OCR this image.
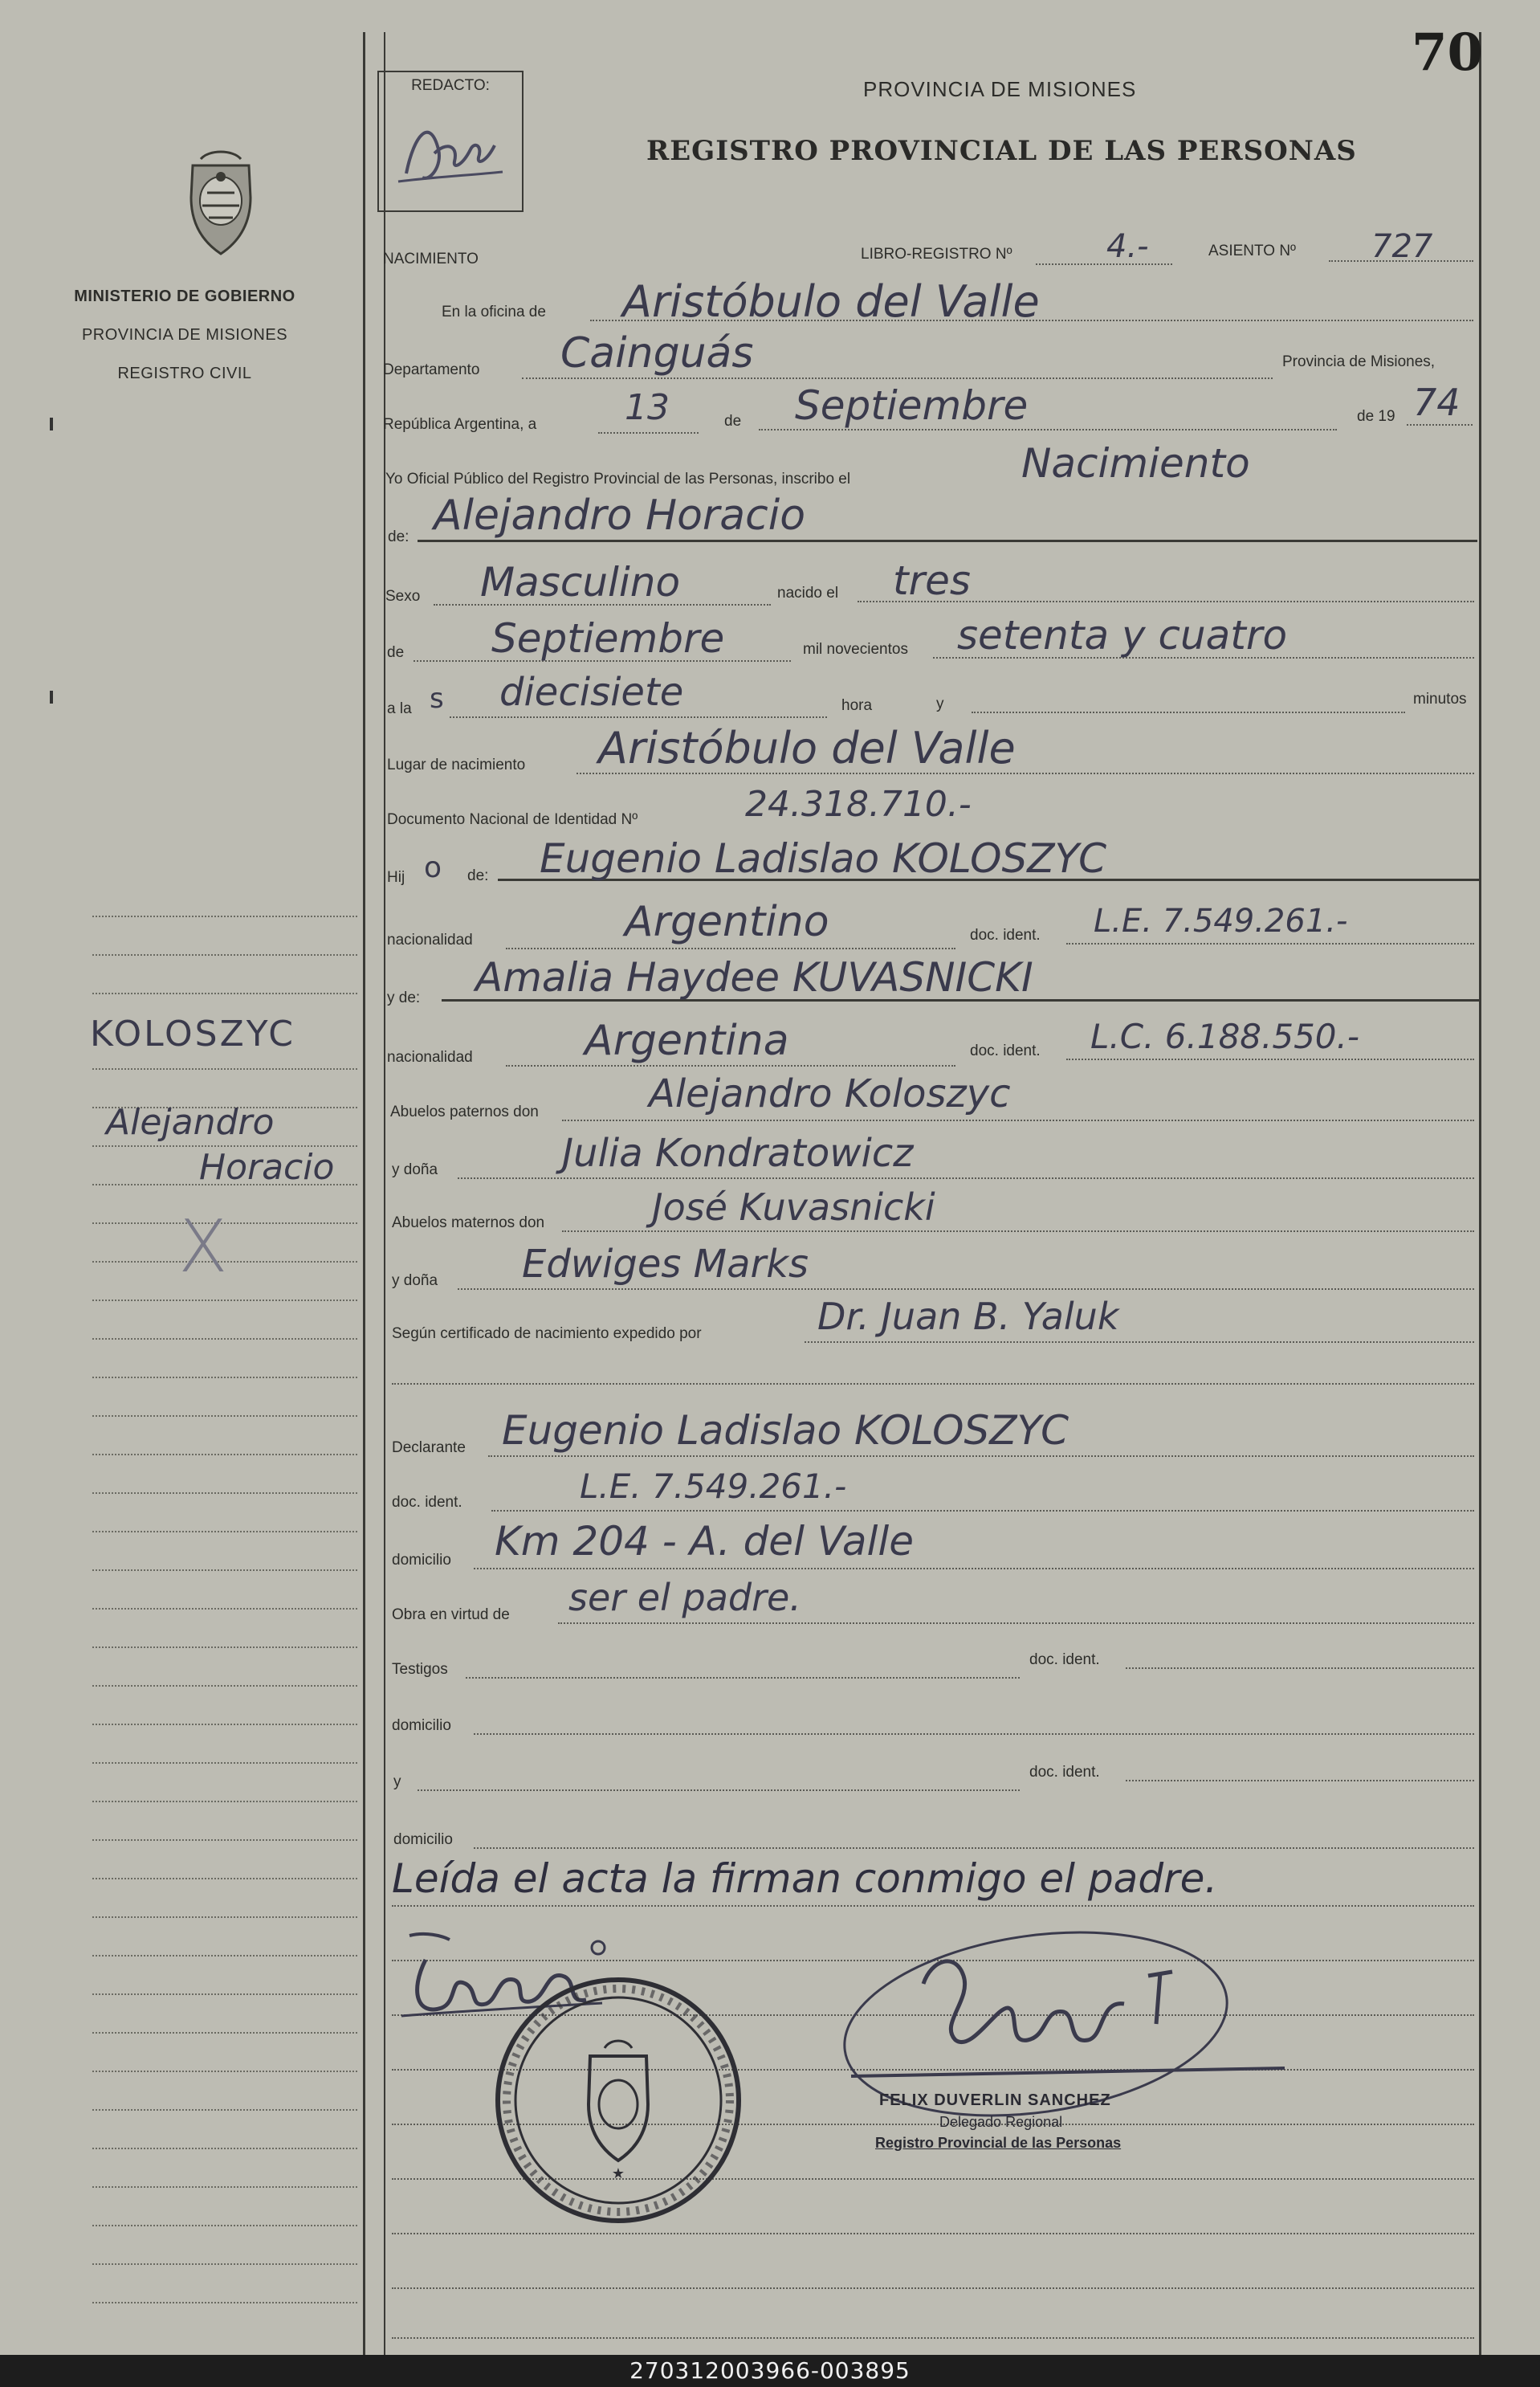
70
REDACTO:	PROVINCIA DE MISIONES
REGISTRO PROVINCIAL DE LAS PERSONAS
MINISTERIO DE GOBIERNO
PROVINCIA DE MISIONES
REGISTRO CIVIL
KOLOSZYC
Alejandro
Horacio
X
NACIMIENTO	LIBRO-REGISTRO Nº	4.-	ASIENTO Nº 727
En la oficina de Aristóbulo del Valle
Departamento Cainguás	Provincia de Misiones,
República Argentina, a 13	de Septiembre	de 19 74
Yo Oficial Público del Registro Provincial de las Personas, inscribo el	Nacimiento
de: Alejandro Horacio
Sexo Masculino	nacido el tres
de Septiembre	mil novecientos setenta y cuatro
a la s diecisiete	hora	y	minutos
Lugar de nacimiento Aristóbulo del Valle
Documento Nacional de Identidad Nº	24.318.710.-
Hij o de: Eugenio Ladislao KOLOSZYC
nacionalidad	Argentino	doc. ident. L.E. 7.549.261.-
y de: Amalia Haydee KUVASNICKI
nacionalidad	Argentina	doc. ident. L.C. 6.188.550.-
Abuelos paternos don	Alejandro Koloszyc
y doña	Julia Kondratowicz
Abuelos maternos don	José Kuvasnicki
y doña Edwiges Marks
Según certificado de nacimiento expedido por	Dr. Juan B. Yaluk
Declarante Eugenio Ladislao KOLOSZYC
doc. ident.	L.E. 7.549.261.-
domicilio Km 204 - A. del Valle
Obra en virtud de ser el padre.
Testigos
doc. ident.
domicilio
y
doc. ident.
domicilio
Leída el acta la firman conmigo el padre.
★
FELIX DUVERLIN SANCHEZ
Delegado Regional
Registro Provincial de las Personas
270312003966-003895
